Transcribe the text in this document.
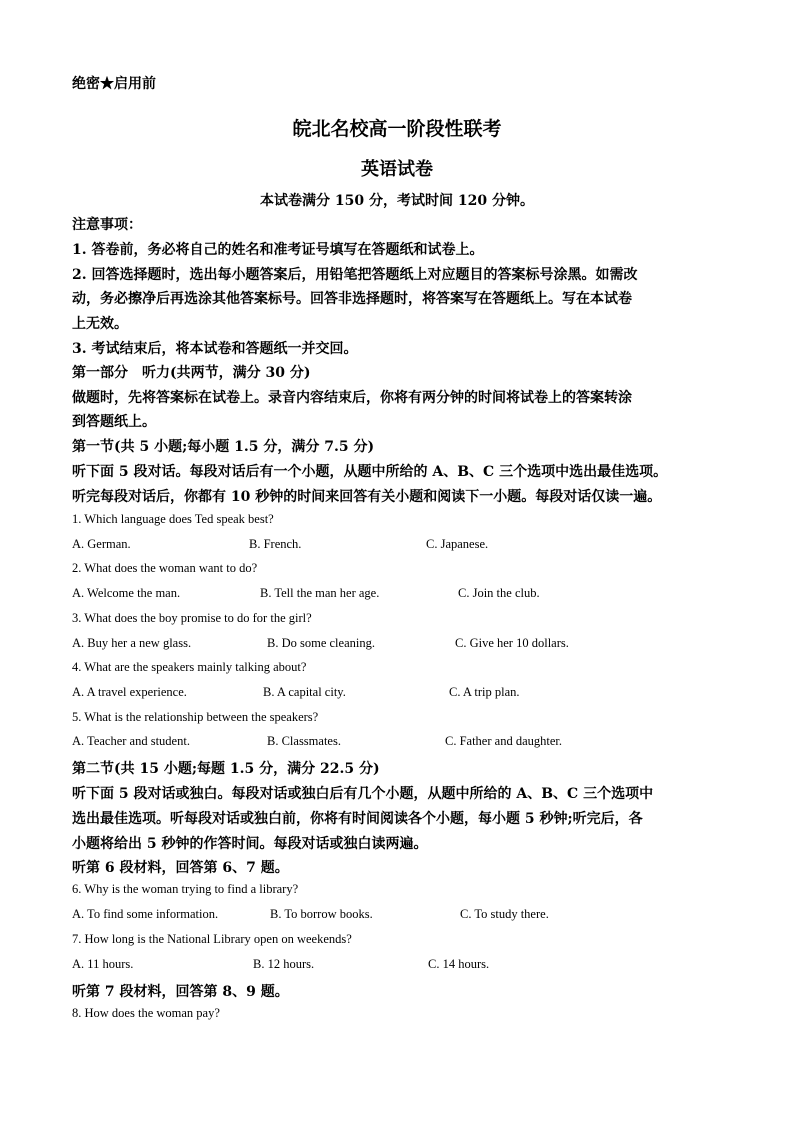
绝密★启用前
皖北名校高一阶段性联考
英语试卷
本试卷满分 150 分，考试时间 120 分钟。
注意事项：
1. 答卷前，务必将自己的姓名和准考证号填写在答题纸和试卷上。
2. 回答选择题时，选出每小题答案后，用铅笔把答题纸上对应题目的答案标号涂黑。如需改
动，务必擦净后再选涂其他答案标号。回答非选择题时，将答案写在答题纸上。写在本试卷
上无效。
3. 考试结束后，将本试卷和答题纸一并交回。
第一部分　听力(共两节，满分 30 分)
做题时，先将答案标在试卷上。录音内容结束后，你将有两分钟的时间将试卷上的答案转涂
到答题纸上。
第一节(共 5 小题;每小题 1.5 分，满分 7.5 分)
听下面 5 段对话。每段对话后有一个小题，从题中所给的 A、B、C 三个选项中选出最佳选项。
听完每段对话后，你都有 10 秒钟的时间来回答有关小题和阅读下一小题。每段对话仅读一遍。
1. Which language does Ted speak best?
A. German.	B. French.	C. Japanese.
2. What does the woman want to do?
A. Welcome the man.	B. Tell the man her age.	C. Join the club.
3. What does the boy promise to do for the girl?
A. Buy her a new glass.	B. Do some cleaning.	C. Give her 10 dollars.
4. What are the speakers mainly talking about?
A. A travel experience.	B. A capital city.	C. A trip plan.
5. What is the relationship between the speakers?
A. Teacher and student.	B. Classmates.	C. Father and daughter.
第二节(共 15 小题;每题 1.5 分，满分 22.5 分)
听下面 5 段对话或独白。每段对话或独白后有几个小题，从题中所给的 A、B、C 三个选项中
选出最佳选项。听每段对话或独白前，你将有时间阅读各个小题，每小题 5 秒钟;听完后，各
小题将给出 5 秒钟的作答时间。每段对话或独白读两遍。
听第 6 段材料，回答第 6、7 题。
6. Why is the woman trying to find a library?
A. To find some information.	B. To borrow books.	C. To study there.
7. How long is the National Library open on weekends?
A. 11 hours.	B. 12 hours.	C. 14 hours.
听第 7 段材料，回答第 8、9 题。
8. How does the woman pay?
